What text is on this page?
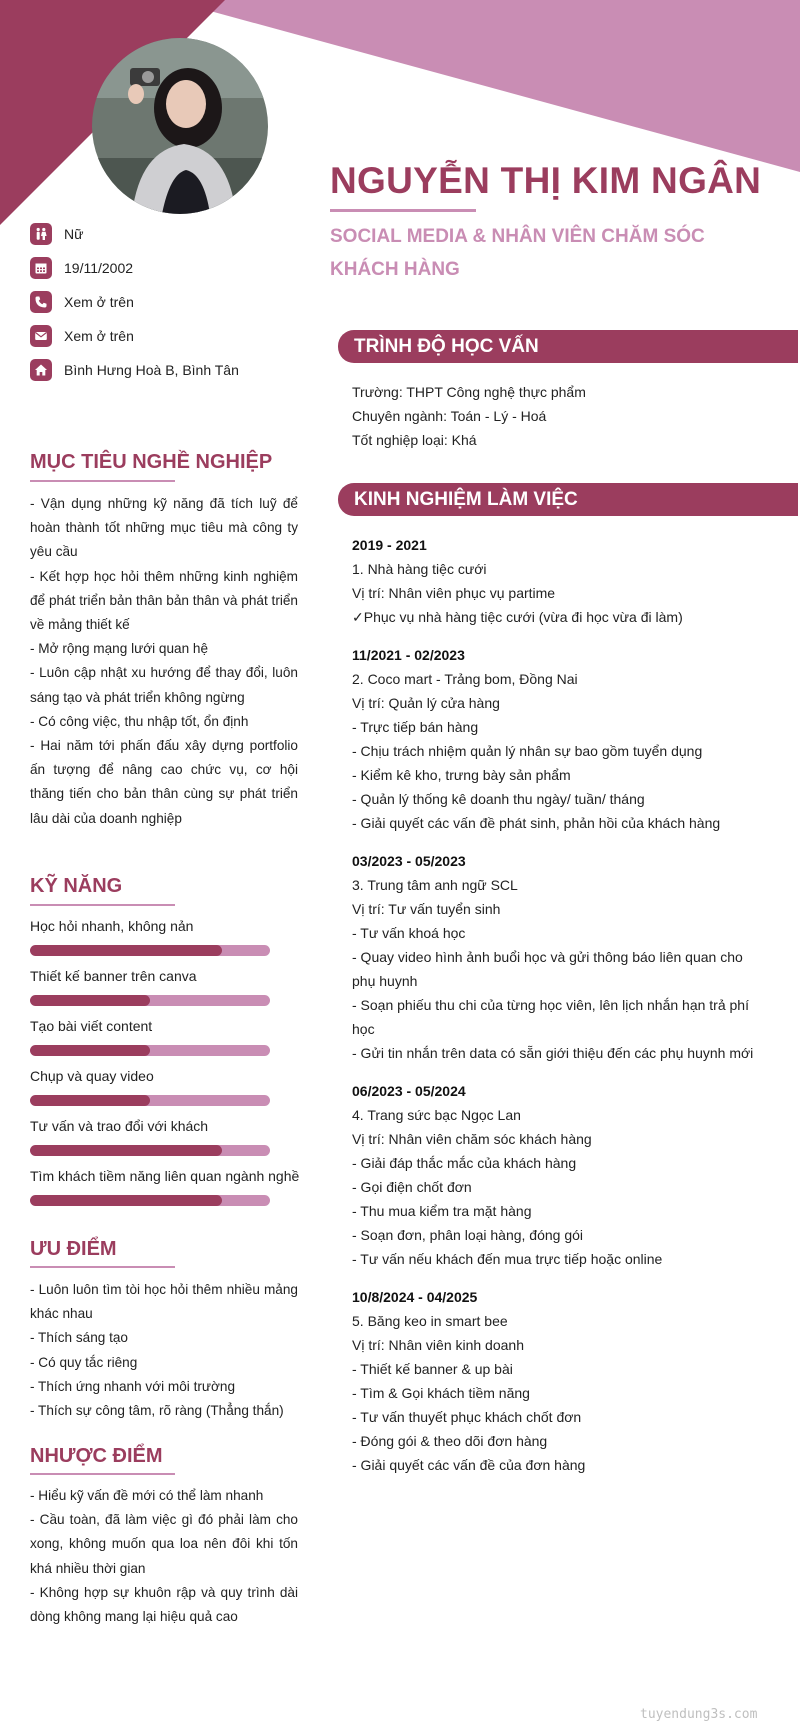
NGUYỄN THỊ KIM NGÂN
SOCIAL MEDIA & NHÂN VIÊN CHĂM SÓC KHÁCH HÀNG
Nữ
19/11/2002
Xem ở trên
Xem ở trên
Bình Hưng Hoà B, Bình Tân
MỤC TIÊU NGHỀ NGHIỆP

- Vận dụng những kỹ năng đã tích luỹ để hoàn thành tốt những mục tiêu mà công ty yêu cầu

- Kết hợp học hỏi thêm những kinh nghiệm để phát triển bản thân bản thân và phát triển về mảng thiết kế

- Mở rộng mạng lưới quan hệ

- Luôn cập nhật xu hướng để thay đổi, luôn sáng tạo và phát triển không ngừng

- Có công việc, thu nhập tốt, ổn định

- Hai năm tới phấn đấu xây dựng portfolio ấn tượng để nâng cao chức vụ, cơ hội thăng tiến cho bản thân cùng sự phát triển lâu dài của doanh nghiệp

KỸ NĂNG
Học hỏi nhanh, không nản
Thiết kế banner trên canva
Tạo bài viết content
Chụp và quay video
Tư vấn và trao đổi với khách
Tìm khách tiềm năng liên quan ngành nghề
ƯU ĐIỂM

- Luôn luôn tìm tòi học hỏi thêm nhiều mảng khác nhau

- Thích sáng tạo

- Có quy tắc riêng

- Thích ứng nhanh với môi trường

- Thích sự công tâm, rõ ràng (Thẳng thắn)

NHƯỢC ĐIỂM

- Hiểu kỹ vấn đề mới có thể làm nhanh

- Cầu toàn, đã làm việc gì đó phải làm cho xong, không muốn qua loa nên đôi khi tốn khá nhiều thời gian

- Không hợp sự khuôn rập và quy trình dài dòng không mang lại hiệu quả cao

TRÌNH ĐỘ HỌC VẤN

Trường: THPT Công nghệ thực phẩm

Chuyên ngành: Toán - Lý - Hoá

Tốt nghiệp loại: Khá

KINH NGHIỆM LÀM VIỆC

2019 - 2021

1. Nhà hàng tiệc cưới

Vị trí: Nhân viên phục vụ partime

✓Phục vụ nhà hàng tiệc cưới (vừa đi học vừa đi làm)

11/2021 - 02/2023

2. Coco mart - Trảng bom, Đồng Nai

Vị trí: Quản lý cửa hàng

- Trực tiếp bán hàng

- Chịu trách nhiệm quản lý nhân sự bao gồm tuyển dụng

- Kiểm kê kho, trưng bày sản phẩm

- Quản lý thống kê doanh thu ngày/ tuần/ tháng

- Giải quyết các vấn đề phát sinh, phản hồi của khách hàng

03/2023 - 05/2023

3. Trung tâm anh ngữ SCL

Vị trí: Tư vấn tuyển sinh

- Tư vấn khoá học

- Quay video hình ảnh buổi học và gửi thông báo liên quan cho phụ huynh

- Soạn phiếu thu chi của từng học viên, lên lịch nhắn hạn trả phí học

- Gửi tin nhắn trên data có sẵn giới thiệu đến các phụ huynh mới

06/2023 - 05/2024

4. Trang sức bạc Ngọc Lan

Vị trí: Nhân viên chăm sóc khách hàng

- Giải đáp thắc mắc của khách hàng

- Gọi điện chốt đơn

- Thu mua kiểm tra mặt hàng

- Soạn đơn, phân loại hàng, đóng gói

- Tư vấn nếu khách đến mua trực tiếp hoặc online

10/8/2024 - 04/2025

5. Băng keo in smart bee

Vị trí: Nhân viên kinh doanh

- Thiết kế banner & up bài

- Tìm & Gọi khách tiềm năng

- Tư vấn thuyết phục khách chốt đơn

- Đóng gói & theo dõi đơn hàng

- Giải quyết các vấn đề của đơn hàng

tuyendung3s.com
